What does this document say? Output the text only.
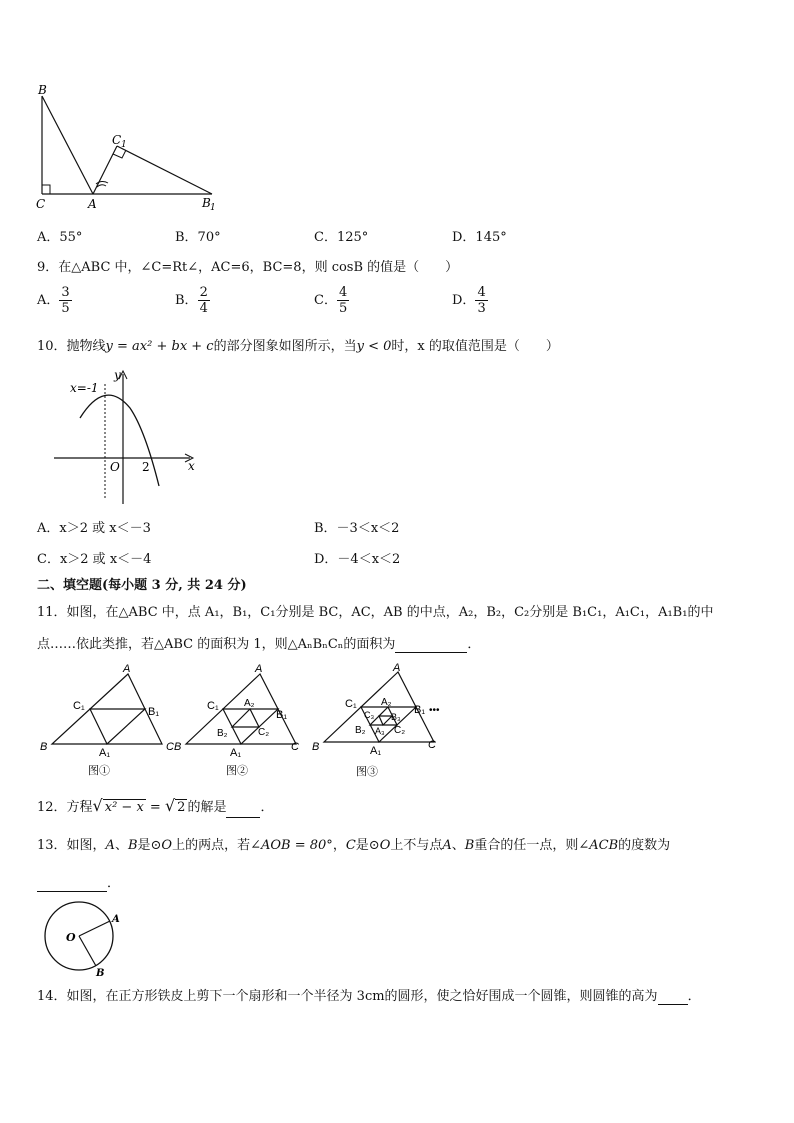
B
C	A
C 1
B 1
A．55°	B．70°	C．125°	D．145°
9．在△ABC 中，∠C=Rt∠，AC=6，BC=8，则 cosB 的值是（　　）
A． $\frac{3}{5}$	B． $\frac{2}{4}$	C． $\frac{4}{5}$	D． $\frac{4}{3}$
10．抛物线y = ax² + bx + c的部分图象如图所示，当y < 0时，x 的取值范围是（　　）
x=-1
y
x
O 2
A．x＞2 或 x＜－3	B．－3＜x＜2
C．x＞2 或 x＜－4	D．－4＜x＜2
二、填空题(每小题 3 分, 共 24 分)
11．如图，在△ABC 中，点 A₁，B₁，C₁分别是 BC，AC，AB 的中点，A₂，B₂，C₂分别是 B₁C₁，A₁C₁，A₁B₁的中
点……依此类推，若△ABC 的面积为 1，则△AₙBₙCₙ的面积为	．
A
B	C
C₁	B₁
A₁
图①
A
B	C
C₁
B₁
A₂
B₂	C₂
A₁
图②
A
B	C
C₁	B₁ •••
A₂
C₃ B₃
B₂ A₃ C₂
A₁
图③
12．方程√ x² − x = √ 2 的解是	．
13．如图，A、B是⊙O上的两点，若∠AOB = 80°，C是⊙O上不与点A、B重合的任一点，则∠ACB的度数为
．
O
A
B
14．如图，在正方形铁皮上剪下一个扇形和一个半径为 3cm的圆形，使之恰好围成一个圆锥，则圆锥的高为 ．
